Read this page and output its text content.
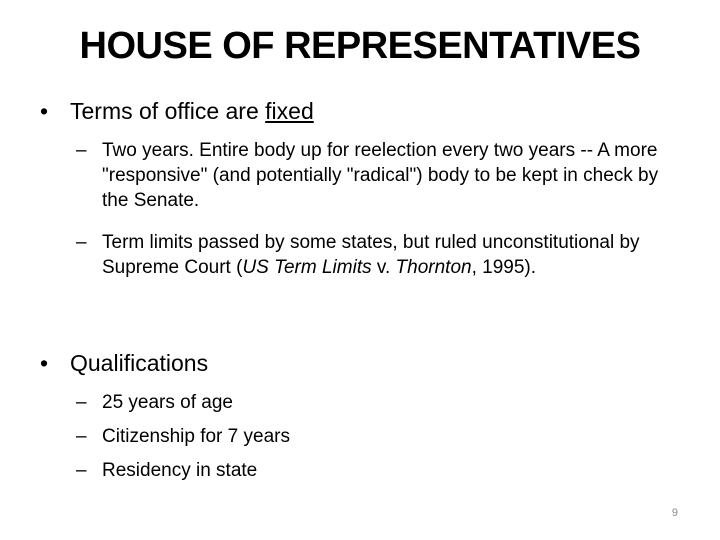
HOUSE OF REPRESENTATIVES
• Terms of office are fixed
– Two years. Entire body up for reelection every two years -- A more "responsive" (and potentially "radical") body to be kept in check by the Senate.
– Term limits passed by some states, but ruled unconstitutional by Supreme Court (US Term Limits v. Thornton, 1995).
• Qualifications
– 25 years of age
– Citizenship for 7 years
– Residency in state
9
